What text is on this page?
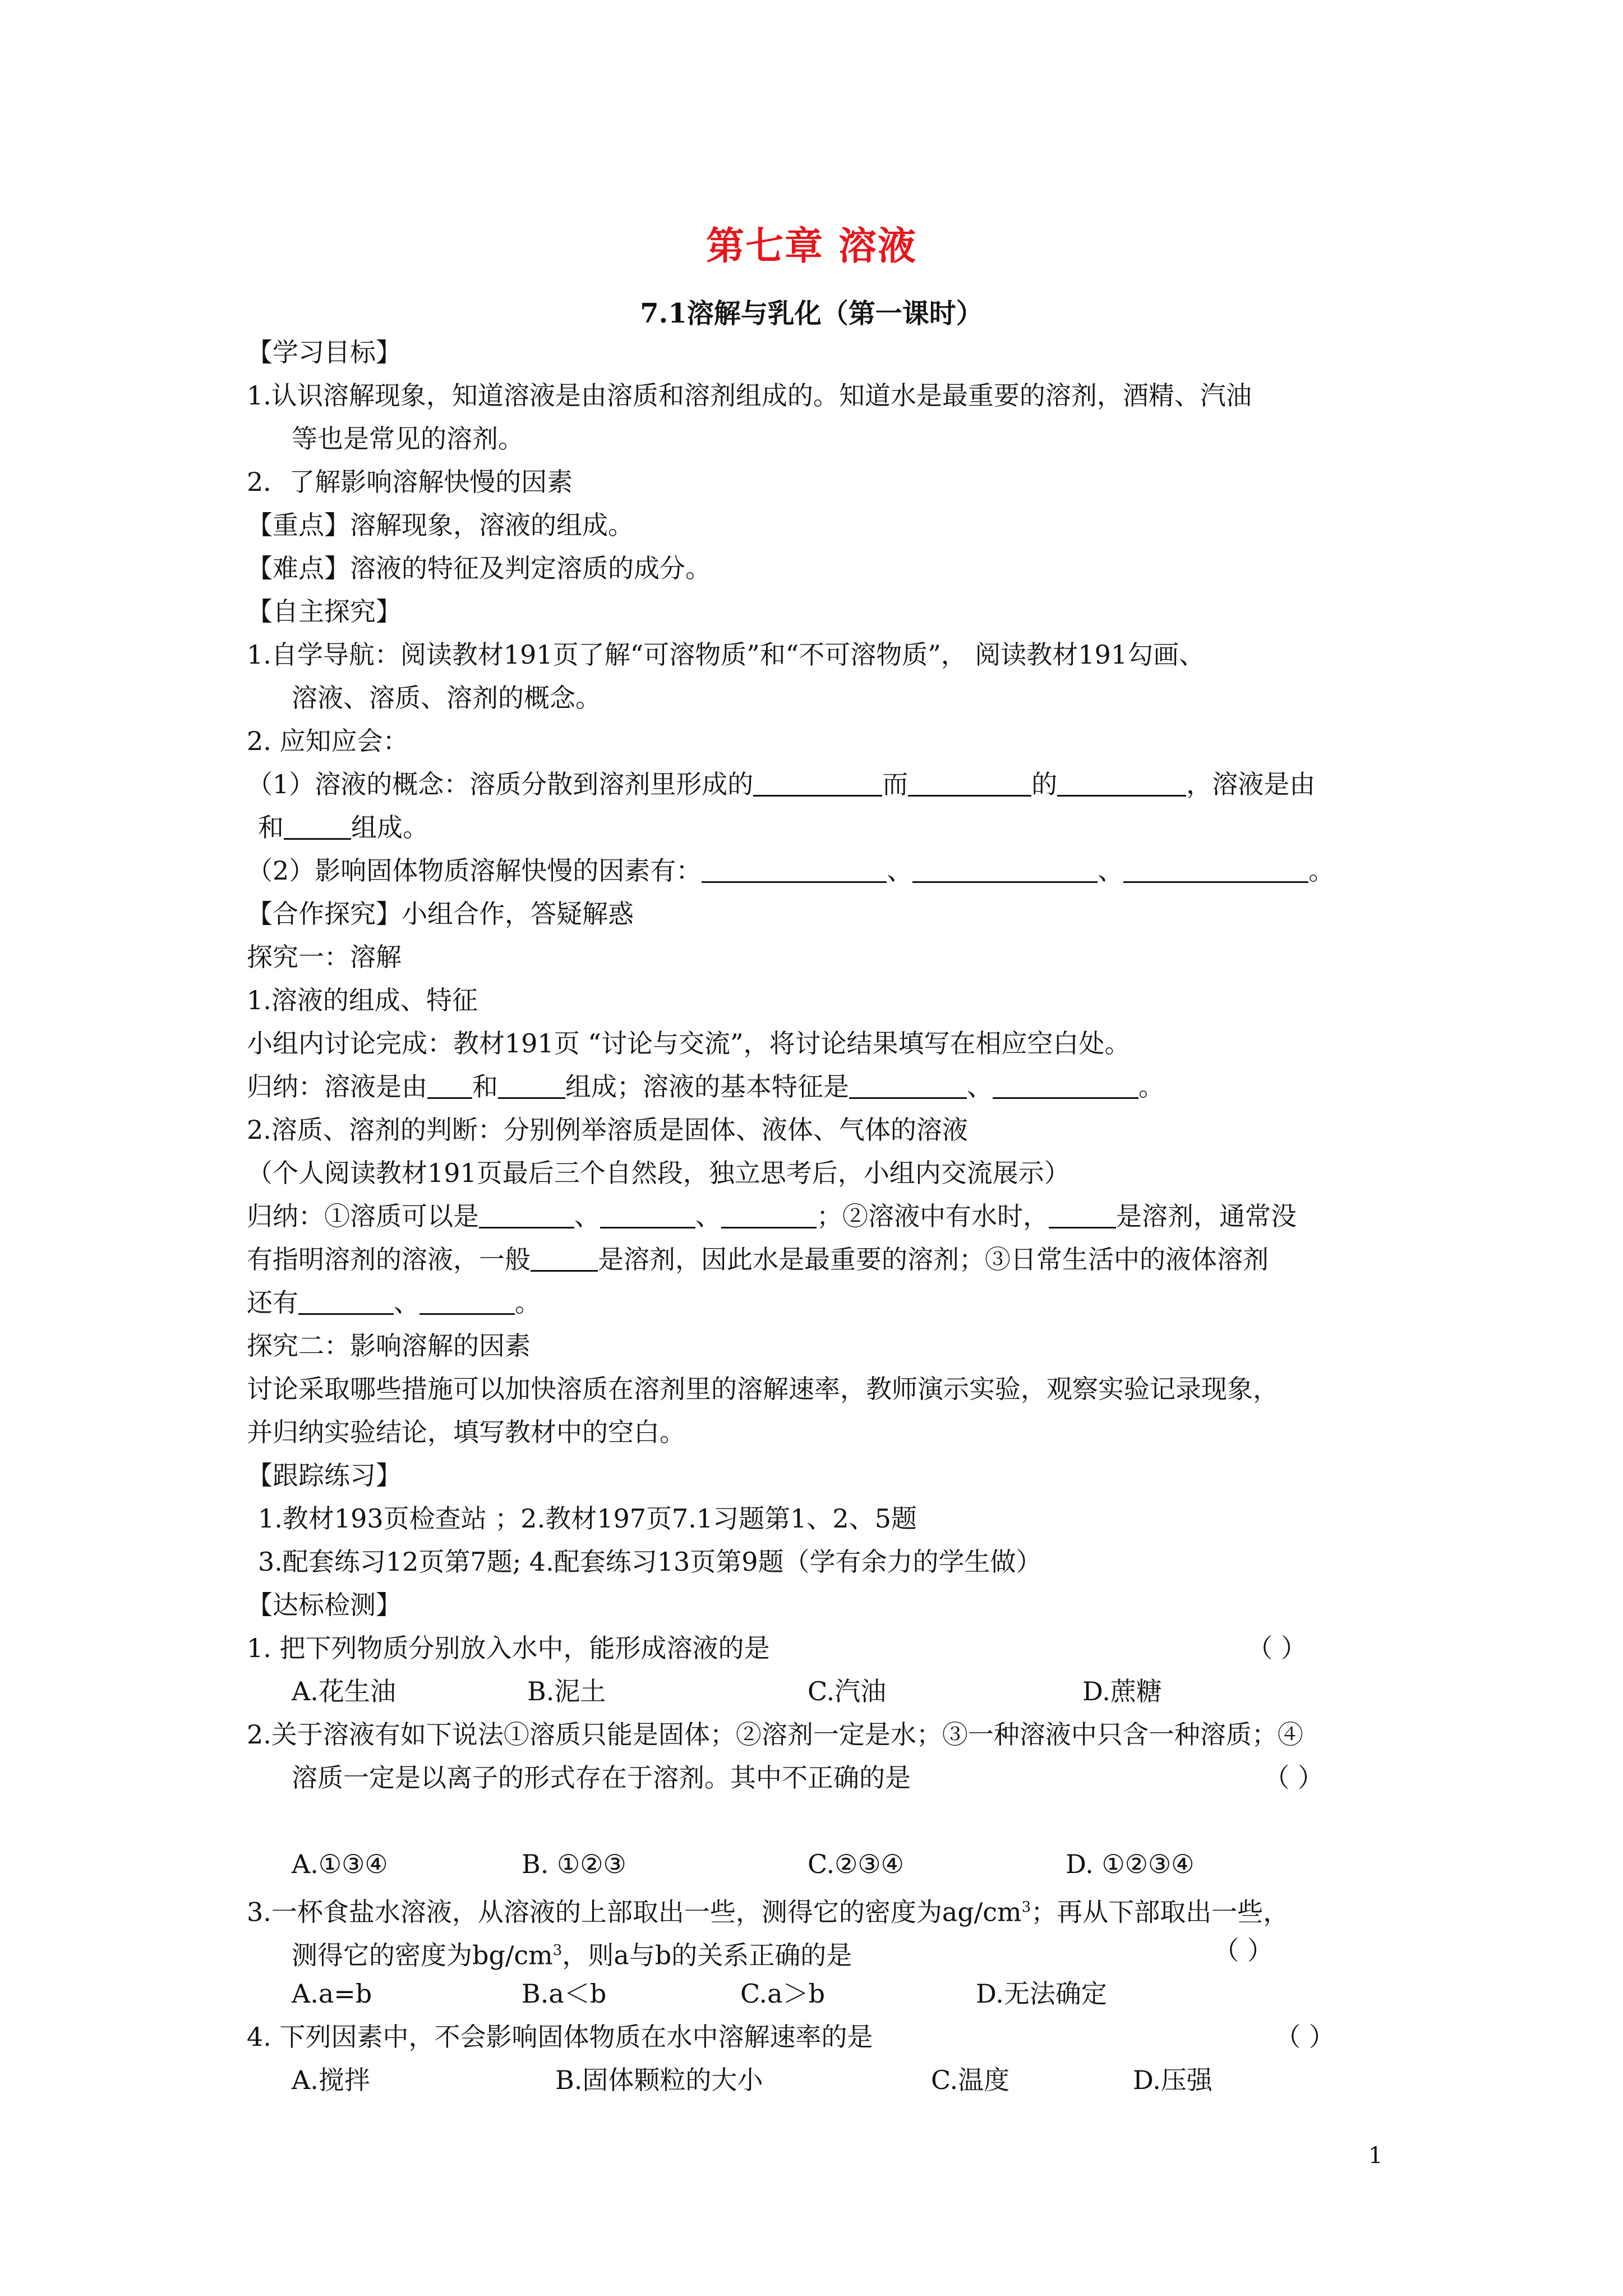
第七章 溶液
7.1溶解与乳化（第一课时）
【学习目标】
1.认识溶解现象，知道溶液是由溶质和溶剂组成的。知道水是最重要的溶剂，酒精、汽油
等也是常见的溶剂。
2．了解影响溶解快慢的因素
【重点】溶解现象，溶液的组成。
【难点】溶液的特征及判定溶质的成分。
【自主探究】
1.自学导航：阅读教材191页了解“可溶物质”和“不可溶物质”， 阅读教材191勾画、
溶液、溶质、溶剂的概念。
2. 应知应会：
（1）溶液的概念：溶质分散到溶剂里形成的	而	的	，溶液是由
和	组成。
（2）影响固体物质溶解快慢的因素有：	、	、	。
【合作探究】小组合作，答疑解惑
探究一：溶解
1.溶液的组成、特征
小组内讨论完成：教材191页 “讨论与交流”，将讨论结果填写在相应空白处。
归纳：溶液是由 和	组成；溶液的基本特征是	、	。
2.溶质、溶剂的判断：分别例举溶质是固体、液体、气体的溶液
（个人阅读教材191页最后三个自然段，独立思考后，小组内交流展示）
归纳：①溶质可以是	、	、	；②溶液中有水时，	是溶剂，通常没
有指明溶剂的溶液，一般	是溶剂，因此水是最重要的溶剂；③日常生活中的液体溶剂
还有	、	。
探究二：影响溶解的因素
讨论采取哪些措施可以加快溶质在溶剂里的溶解速率，教师演示实验，观察实验记录现象，
并归纳实验结论，填写教材中的空白。
【跟踪练习】
1.教材193页检查站 ；2.教材197页7.1习题第1、2、5题
3.配套练习12页第7题; 4.配套练习13页第9题（学有余力的学生做）
【达标检测】
1. 把下列物质分别放入水中，能形成溶液的是	（ ）
A.花生油	B.泥土	C.汽油	D.蔗糖
2.关于溶液有如下说法①溶质只能是固体；②溶剂一定是水；③一种溶液中只含一种溶质；④
溶质一定是以离子的形式存在于溶剂。其中不正确的是	（ ）
A.①③④	B. ①②③	C.②③④	D. ①②③④
3.一杯食盐水溶液，从溶液的上部取出一些，测得它的密度为$ag/cm^3$；再从下部取出一些，
测得它的密度为$bg/cm^3$，则a与b的关系正确的是	（ ）
A.a=b	B.a＜b	C.a＞b	D.无法确定
4. 下列因素中，不会影响固体物质在水中溶解速率的是	（ ）
A.搅拌	B.固体颗粒的大小	C.温度	D.压强
1
